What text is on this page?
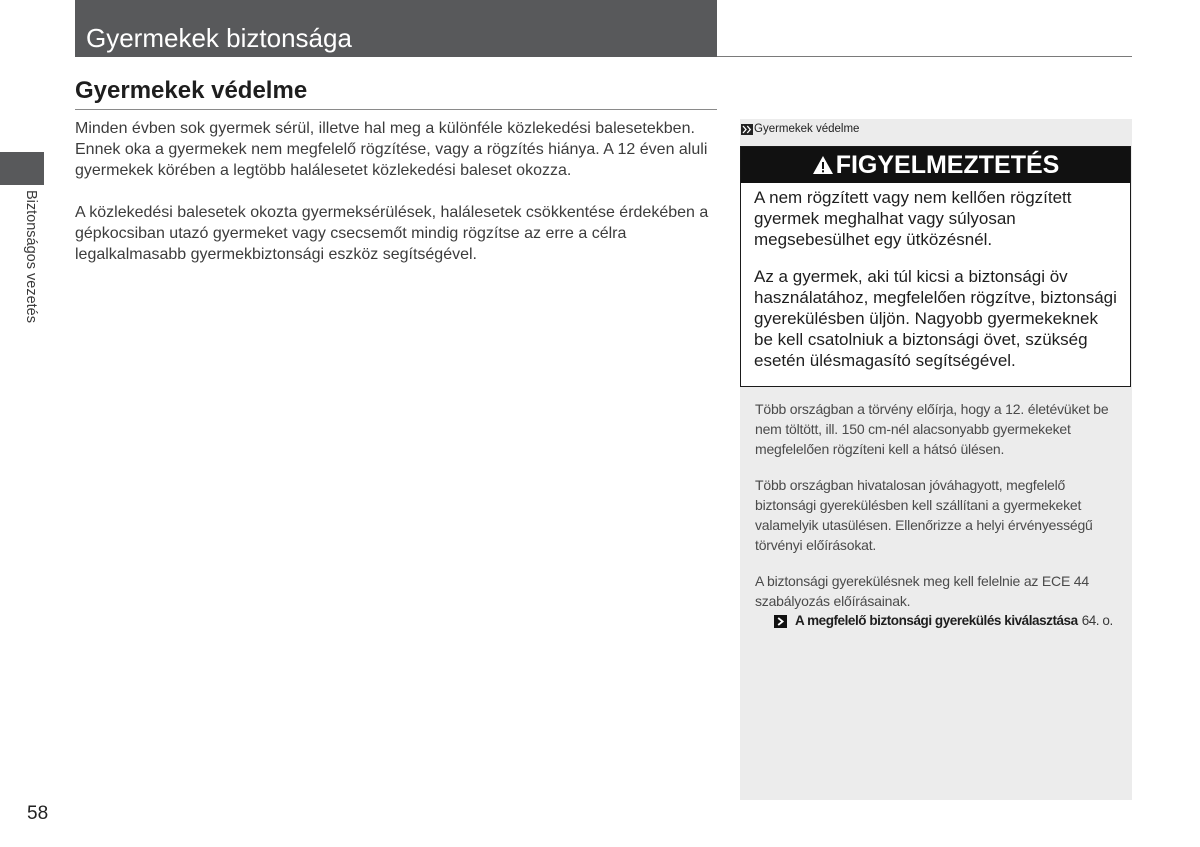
Gyermekek biztonsága
Biztonságos vezetés
Gyermekek védelme
Minden évben sok gyermek sérül, illetve hal meg a különféle közlekedési balesetekben.
Ennek oka a gyermekek nem megfelelő rögzítése, vagy a rögzítés hiánya. A 12 éven aluli
gyermekek körében a legtöbb halálesetet közlekedési baleset okozza.
A közlekedési balesetek okozta gyermeksérülések, halálesetek csökkentése érdekében a
gépkocsiban utazó gyermeket vagy csecsemőt mindig rögzítse az erre a célra
legalkalmasabb gyermekbiztonsági eszköz segítségével.
Gyermekek védelme
FIGYELMEZTETÉS
A nem rögzített vagy nem kellően rögzített
gyermek meghalhat vagy súlyosan
megsebesülhet egy ütközésnél.
Az a gyermek, aki túl kicsi a biztonsági öv
használatához, megfelelően rögzítve, biztonsági
gyerekülésben üljön. Nagyobb gyermekeknek
be kell csatolniuk a biztonsági övet, szükség
esetén ülésmagasító segítségével.
Több országban a törvény előírja, hogy a 12. életévüket be
nem töltött, ill. 150 cm-nél alacsonyabb gyermekeket
megfelelően rögzíteni kell a hátsó ülésen.
Több országban hivatalosan jóváhagyott, megfelelő
biztonsági gyerekülésben kell szállítani a gyermekeket
valamelyik utasülésen. Ellenőrizze a helyi érvényességű
törvényi előírásokat.
A biztonsági gyerekülésnek meg kell felelnie az ECE 44
szabályozás előírásainak.
A megfelelő biztonsági gyerekülés kiválasztása 64. o.
58
